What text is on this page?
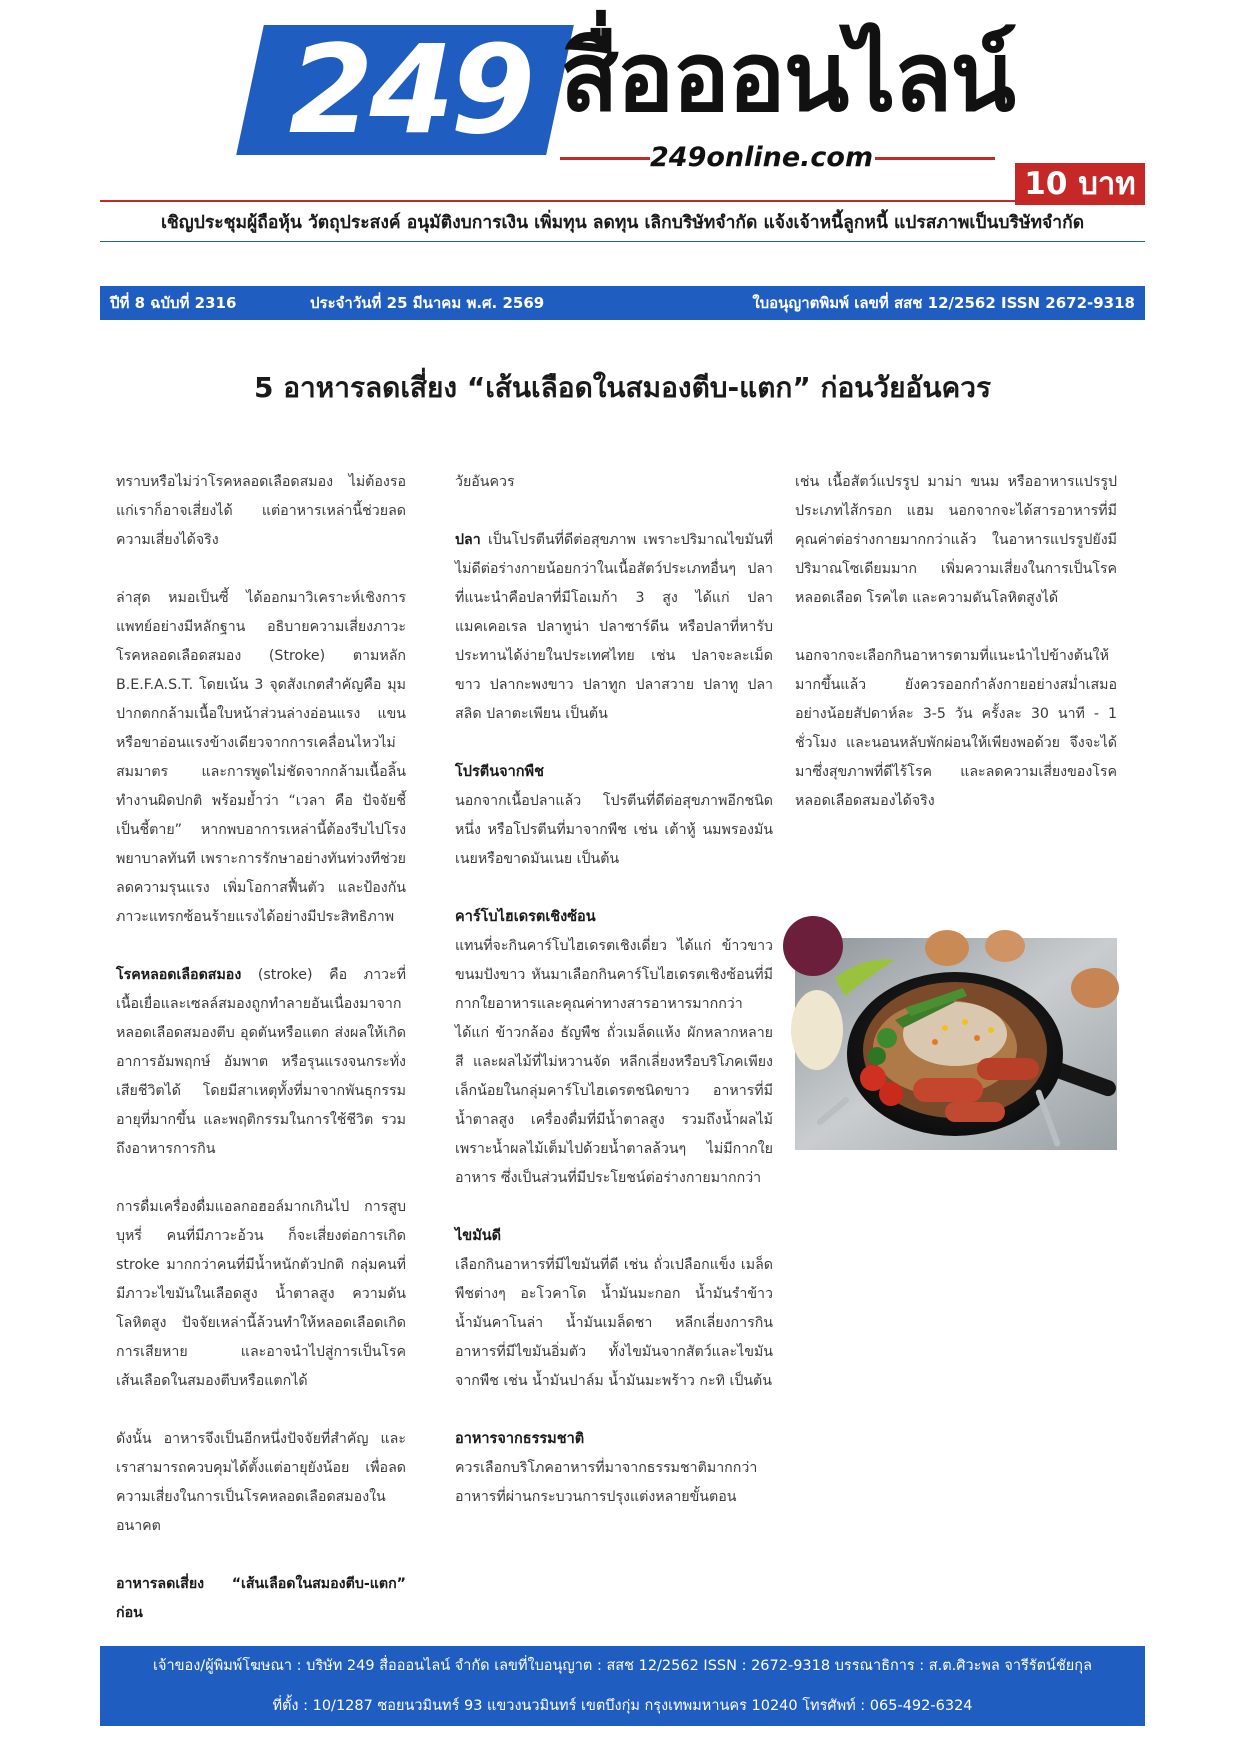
249 สื่อออนไลน์
249online.com
10 บาท
เชิญประชุมผู้ถือหุ้น วัตถุประสงค์ อนุมัติงบการเงิน เพิ่มทุน ลดทุน เลิกบริษัทจำกัด แจ้งเจ้าหนี้ลูกหนี้ แปรสภาพเป็นบริษัทจำกัด
ปีที่ 8 ฉบับที่ 2316	ประจำวันที่ 25 มีนาคม พ.ศ. 2569	ใบอนุญาตพิมพ์ เลขที่ สสช 12/2562 ISSN 2672-9318
5 อาหารลดเสี่ยง “เส้นเลือดในสมองตีบ-แตก” ก่อนวัยอันควร

ทราบหรือไม่ว่าโรคหลอดเลือดสมอง ไม่ต้องรอแก่เราก็อาจเสี่ยงได้ แต่อาหารเหล่านี้ช่วยลดความเสี่ยงได้จริง

ล่าสุด หมอเป็นซี้ ได้ออกมาวิเคราะห์เชิงการแพทย์อย่างมีหลักฐาน อธิบายความเสี่ยงภาวะโรคหลอดเลือดสมอง (Stroke) ตามหลัก B.E.F.A.S.T. โดยเน้น 3 จุดสังเกตสำคัญคือ มุมปากตกกล้ามเนื้อใบหน้าส่วนล่างอ่อนแรง แขนหรือขาอ่อนแรงข้างเดียวจากการเคลื่อนไหวไม่สมมาตร และการพูดไม่ชัดจากกล้ามเนื้อลิ้นทำงานผิดปกติ พร้อมย้ำว่า “เวลา คือ ปัจจัยชี้เป็นชี้ตาย” หากพบอาการเหล่านี้ต้องรีบไปโรงพยาบาลทันที เพราะการรักษาอย่างทันท่วงทีช่วยลดความรุนแรง เพิ่มโอกาสฟื้นตัว และป้องกันภาวะแทรกซ้อนร้ายแรงได้อย่างมีประสิทธิภาพ

โรคหลอดเลือดสมอง (stroke) คือ ภาวะที่เนื้อเยื่อและเซลล์สมองถูกทำลายอันเนื่องมาจากหลอดเลือดสมองตีบ อุดตันหรือแตก ส่งผลให้เกิดอาการอัมพฤกษ์ อัมพาต หรือรุนแรงจนกระทั่งเสียชีวิตได้ โดยมีสาเหตุทั้งที่มาจากพันธุกรรม อายุที่มากขึ้น และพฤติกรรมในการใช้ชีวิต รวมถึงอาหารการกิน

การดื่มเครื่องดื่มแอลกอฮอล์มากเกินไป การสูบบุหรี่ คนที่มีภาวะอ้วน ก็จะเสี่ยงต่อการเกิด stroke มากกว่าคนที่มีน้ำหนักตัวปกติ กลุ่มคนที่มีภาวะไขมันในเลือดสูง น้ำตาลสูง ความดันโลหิตสูง ปัจจัยเหล่านี้ล้วนทำให้หลอดเลือดเกิดการเสียหาย และอาจนำไปสู่การเป็นโรคเส้นเลือดในสมองตีบหรือแตกได้

ดังนั้น อาหารจึงเป็นอีกหนึ่งปัจจัยที่สำคัญ และเราสามารถควบคุมได้ตั้งแต่อายุยังน้อย เพื่อลดความเสี่ยงในการเป็นโรคหลอดเลือดสมองในอนาคต

อาหารลดเสี่ยง “เส้นเลือดในสมองตีบ-แตก” ก่อน

วัยอันควร

ปลา เป็นโปรตีนที่ดีต่อสุขภาพ เพราะปริมาณไขมันที่ไม่ดีต่อร่างกายน้อยกว่าในเนื้อสัตว์ประเภทอื่นๆ ปลาที่แนะนำคือปลาที่มีโอเมก้า 3 สูง ได้แก่ ปลาแมคเคอเรล ปลาทูน่า ปลาซาร์ดีน หรือปลาที่หารับประทานได้ง่ายในประเทศไทย เช่น ปลาจะละเม็ดขาว ปลากะพงขาว ปลาทูก ปลาสวาย ปลาทู ปลาสลิด ปลาตะเพียน เป็นต้น

โปรตีนจากพืช

นอกจากเนื้อปลาแล้ว โปรตีนที่ดีต่อสุขภาพอีกชนิดหนึ่ง หรือโปรตีนที่มาจากพืช เช่น เต้าหู้ นมพรองมันเนยหรือขาดมันเนย เป็นต้น

คาร์โบไฮเดรตเชิงซ้อน

แทนที่จะกินคาร์โบไฮเดรตเชิงเดี่ยว ได้แก่ ข้าวขาว ขนมปังขาว หันมาเลือกกินคาร์โบไฮเดรตเชิงซ้อนที่มีกากใยอาหารและคุณค่าทางสารอาหารมากกว่า ได้แก่ ข้าวกล้อง ธัญพืช ถั่วเมล็ดแห้ง ผักหลากหลายสี และผลไม้ที่ไม่หวานจัด หลีกเลี่ยงหรือบริโภคเพียงเล็กน้อยในกลุ่มคาร์โบไฮเดรตชนิดขาว อาหารที่มีน้ำตาลสูง เครื่องดื่มที่มีน้ำตาลสูง รวมถึงน้ำผลไม้ เพราะน้ำผลไม้เต็มไปด้วยน้ำตาลล้วนๆ ไม่มีกากใยอาหาร ซึ่งเป็นส่วนที่มีประโยชน์ต่อร่างกายมากกว่า

ไขมันดี

เลือกกินอาหารที่มีไขมันที่ดี เช่น ถั่วเปลือกแข็ง เมล็ดพืชต่างๆ อะโวคาโด น้ำมันมะกอก น้ำมันรำข้าว น้ำมันคาโนล่า น้ำมันเมล็ดชา หลีกเลี่ยงการกินอาหารที่มีไขมันอิ่มตัว ทั้งไขมันจากสัตว์และไขมันจากพืช เช่น น้ำมันปาล์ม น้ำมันมะพร้าว กะทิ เป็นต้น

อาหารจากธรรมชาติ

ควรเลือกบริโภคอาหารที่มาจากธรรมชาติมากกว่าอาหารที่ผ่านกระบวนการปรุงแต่งหลายขั้นตอน

เช่น เนื้อสัตว์แปรรูป มาม่า ขนม หรืออาหารแปรรูปประเภทไส้กรอก แฮม นอกจากจะได้สารอาหารที่มีคุณค่าต่อร่างกายมากกว่าแล้ว ในอาหารแปรรูปยังมีปริมาณโซเดียมมาก เพิ่มความเสี่ยงในการเป็นโรคหลอดเลือด โรคไต และความดันโลหิตสูงได้

นอกจากจะเลือกกินอาหารตามที่แนะนำไปข้างต้นให้มากขึ้นแล้ว ยังควรออกกำลังกายอย่างสม่ำเสมอ อย่างน้อยสัปดาห์ละ 3-5 วัน ครั้งละ 30 นาที - 1 ชั่วโมง และนอนหลับพักผ่อนให้เพียงพอด้วย จึงจะได้มาซึ่งสุขภาพที่ดีไร้โรค และลดความเสี่ยงของโรคหลอดเลือดสมองได้จริง

เจ้าของ/ผู้พิมพ์โฆษณา : บริษัท 249 สื่อออนไลน์ จำกัด เลขที่ใบอนุญาต : สสช 12/2562 ISSN : 2672-9318 บรรณาธิการ : ส.ต.ศิวะพล จารีรัตน์ชัยกุล
ที่ตั้ง : 10/1287 ซอยนวมินทร์ 93 แขวงนวมินทร์ เขตบึงกุ่ม กรุงเทพมหานคร 10240 โทรศัพท์ : 065-492-6324
